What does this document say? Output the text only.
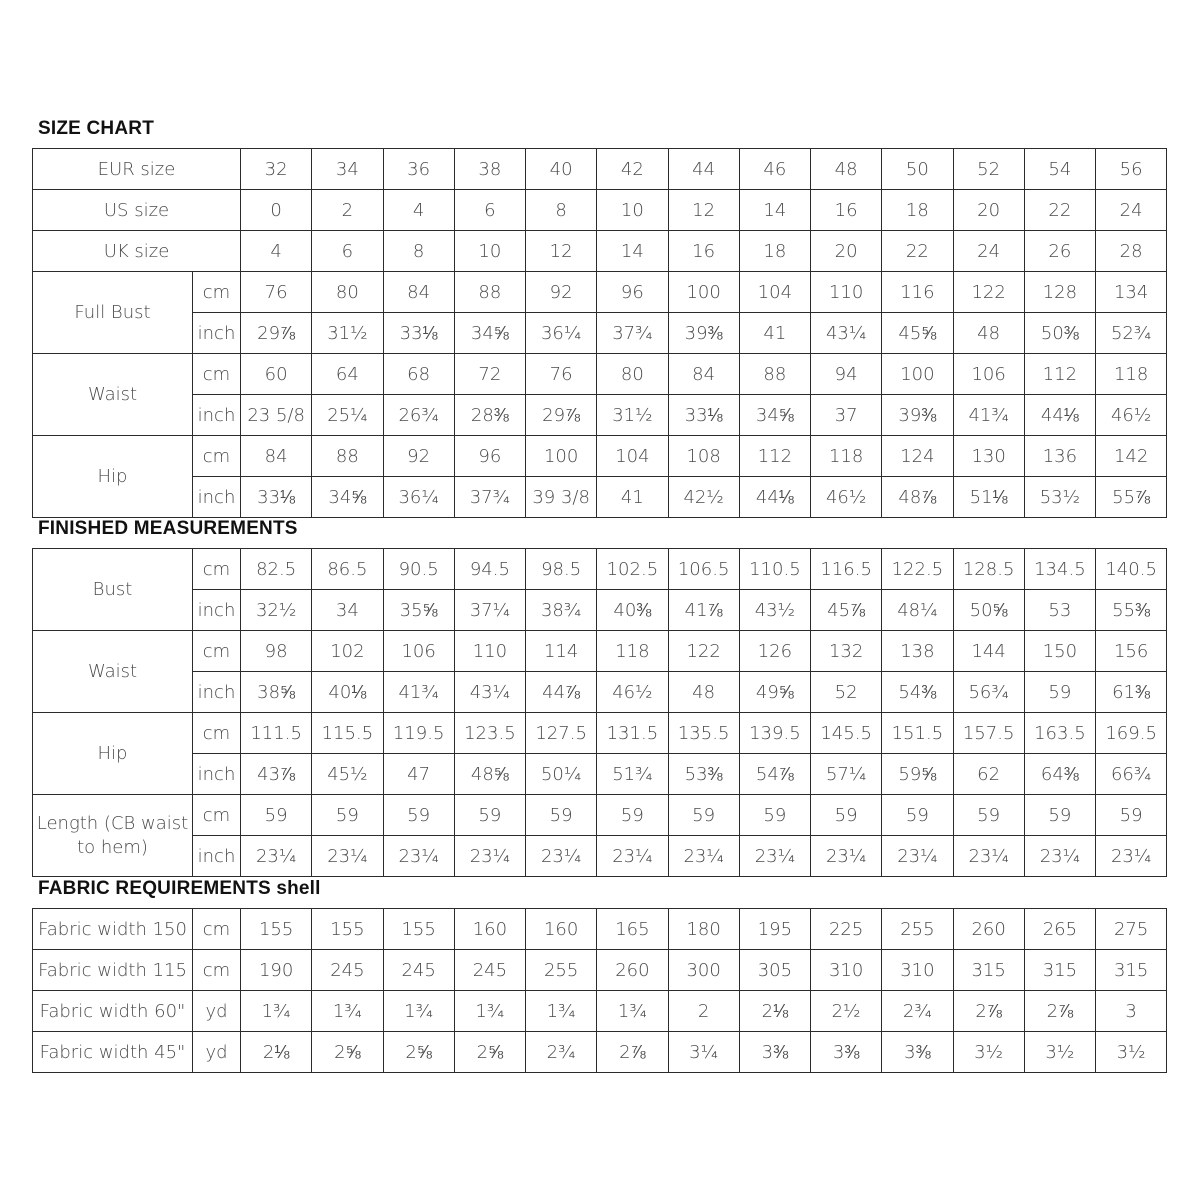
SIZE CHART
EUR size		32	34	36	38	40	42	44	46	48	50	52	54	56
US size		0	2	4	6	8	10	12	14	16	18	20	22	24
UK size		4	6	8	10	12	14	16	18	20	22	24	26	28
Full Bust	cm	76	80	84	88	92	96	100	104	110	116	122	128	134
	inch	29⅞	31½	33⅛	34⅝	36¼	37¾	39⅜	41	43¼	45⅝	48	50⅜	52¾
Waist	cm	60	64	68	72	76	80	84	88	94	100	106	112	118
	inch	23 5/8	25¼	26¾	28⅜	29⅞	31½	33⅛	34⅝	37	39⅜	41¾	44⅛	46½
Hip	cm	84	88	92	96	100	104	108	112	118	124	130	136	142
	inch	33⅛	34⅝	36¼	37¾	39 3/8	41	42½	44⅛	46½	48⅞	51⅛	53½	55⅞
FINISHED MEASUREMENTS
Bust	cm	82.5	86.5	90.5	94.5	98.5	102.5	106.5	110.5	116.5	122.5	128.5	134.5	140.5
	inch	32½	34	35⅝	37¼	38¾	40⅜	41⅞	43½	45⅞	48¼	50⅝	53	55⅜
Waist	cm	98	102	106	110	114	118	122	126	132	138	144	150	156
	inch	38⅝	40⅛	41¾	43¼	44⅞	46½	48	49⅝	52	54⅜	56¾	59	61⅜
Hip	cm	111.5	115.5	119.5	123.5	127.5	131.5	135.5	139.5	145.5	151.5	157.5	163.5	169.5
	inch	43⅞	45½	47	48⅝	50¼	51¾	53⅜	54⅞	57¼	59⅝	62	64⅜	66¾
Length (CB waist to hem)	cm	59	59	59	59	59	59	59	59	59	59	59	59	59
	inch	23¼	23¼	23¼	23¼	23¼	23¼	23¼	23¼	23¼	23¼	23¼	23¼	23¼
FABRIC REQUIREMENTS shell
Fabric width 150	cm	155	155	155	160	160	165	180	195	225	255	260	265	275
Fabric width 115	cm	190	245	245	245	255	260	300	305	310	310	315	315	315
Fabric width 60"	yd	1¾	1¾	1¾	1¾	1¾	1¾	2	2⅛	2½	2¾	2⅞	2⅞	3
Fabric width 45"	yd	2⅛	2⅝	2⅝	2⅝	2¾	2⅞	3¼	3⅜	3⅜	3⅜	3½	3½	3½
